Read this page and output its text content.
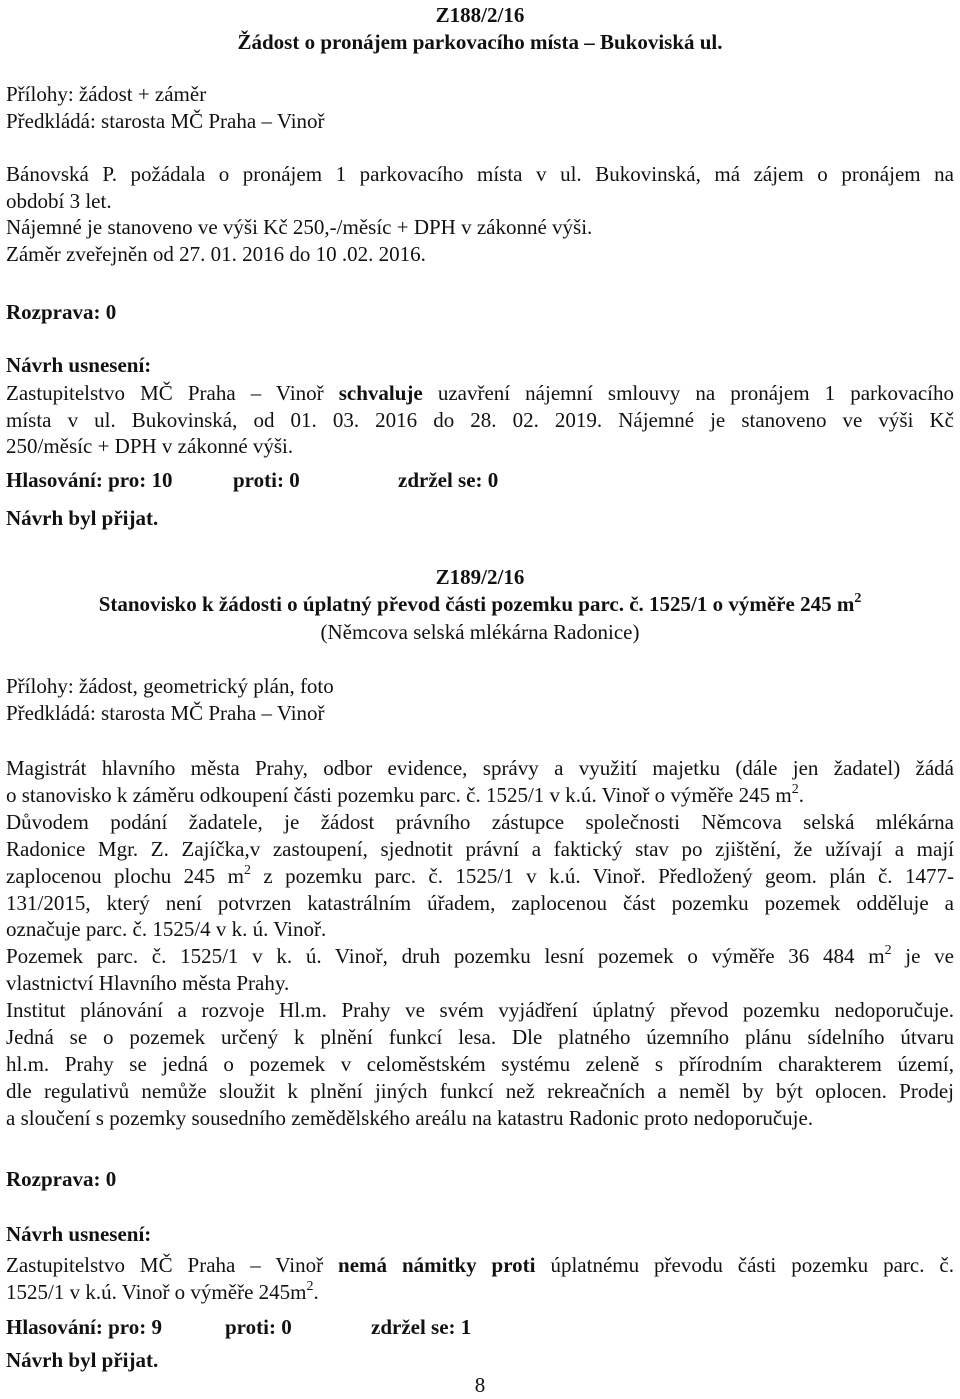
Z188/2/16

Žádost o pronájem parkovacího místa – Bukoviská ul.

Přílohy: žádost + záměr

Předkládá: starosta MČ Praha – Vinoř

Bánovská P. požádala o pronájem 1 parkovacího místa v ul. Bukovinská, má zájem o pronájem na

období 3 let.

Nájemné je stanoveno ve výši Kč 250,-/měsíc + DPH v zákonné výši.

Záměr zveřejněn od 27. 01. 2016 do 10 .02. 2016.

Rozprava: 0

Návrh usnesení:

Zastupitelstvo MČ Praha – Vinoř schvaluje uzavření nájemní smlouvy na pronájem 1 parkovacího

místa v ul. Bukovinská, od 01. 03. 2016 do 28. 02. 2019. Nájemné je stanoveno ve výši Kč

250/měsíc + DPH v zákonné výši.

Hlasování: pro: 10	proti: 0	zdržel se: 0

Návrh byl přijat.

Z189/2/16

Stanovisko k žádosti o úplatný převod části pozemku parc. č. 1525/1 o výměře 245 $m^2$

(Němcova selská mlékárna Radonice)

Přílohy: žádost, geometrický plán, foto

Předkládá: starosta MČ Praha – Vinoř

Magistrát hlavního města Prahy, odbor evidence, správy a využití majetku (dále jen žadatel) žádá

o stanovisko k záměru odkoupení části pozemku parc. č. 1525/1 v k.ú. Vinoř o výměře 245 $m^2$.

Důvodem podání žadatele, je žádost právního zástupce společnosti Němcova selská mlékárna

Radonice Mgr. Z. Zajíčka,v zastoupení, sjednotit právní a faktický stav po zjištění, že užívají a mají

zaplocenou plochu 245 $m^2$ z pozemku parc. č. 1525/1 v k.ú. Vinoř. Předložený geom. plán č. 1477-

131/2015, který není potvrzen katastrálním úřadem, zaplocenou část pozemku pozemek odděluje a

označuje parc. č. 1525/4 v k. ú. Vinoř.

Pozemek parc. č. 1525/1 v k. ú. Vinoř, druh pozemku lesní pozemek o výměře 36 484 $m^2$ je ve

vlastnictví Hlavního města Prahy.

Institut plánování a rozvoje Hl.m. Prahy ve svém vyjádření úplatný převod pozemku nedoporučuje.

Jedná se o pozemek určený k plnění funkcí lesa. Dle platného územního plánu sídelního útvaru

hl.m. Prahy se jedná o pozemek v celoměstském systému zeleně s přírodním charakterem území,

dle regulativů nemůže sloužit k plnění jiných funkcí než rekreačních a neměl by být oplocen. Prodej

a sloučení s pozemky sousedního zemědělského areálu na katastru Radonic proto nedoporučuje.

Rozprava: 0

Návrh usnesení:

Zastupitelstvo MČ Praha – Vinoř nemá námitky proti úplatnému převodu části pozemku parc. č.

1525/1 v k.ú. Vinoř o výměře $245m^2$.

Hlasování: pro: 9	proti: 0	zdržel se: 1

Návrh byl přijat.

8
